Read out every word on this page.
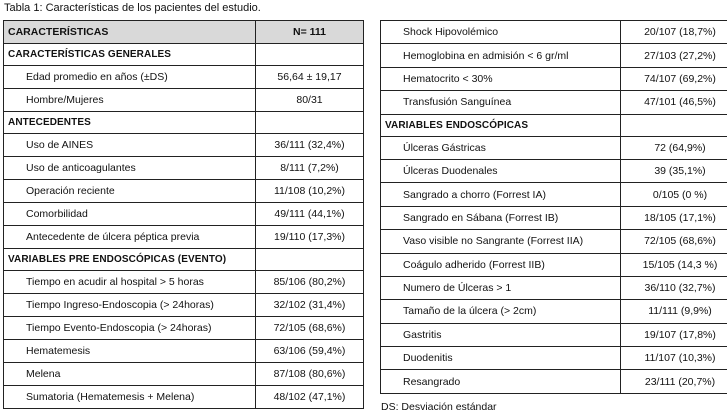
Tabla 1: Características de los pacientes del estudio.
CARACTERÍSTICAS	N= 111
CARACTERÍSTICAS GENERALES	
Edad promedio en años (±DS)	56,64 ± 19,17
Hombre/Mujeres	80/31
ANTECEDENTES	
Uso de AINES	36/111 (32,4%)
Uso de anticoagulantes	8/111 (7,2%)
Operación reciente	11/108 (10,2%)
Comorbilidad	49/111 (44,1%)
Antecedente de úlcera péptica previa	19/110 (17,3%)
VARIABLES PRE ENDOSCÓPICAS (EVENTO)	
Tiempo en acudir al hospital > 5 horas	85/106 (80,2%)
Tiempo Ingreso-Endoscopia (> 24horas)	32/102 (31,4%)
Tiempo Evento-Endoscopia (> 24horas)	72/105 (68,6%)
Hematemesis	63/106 (59,4%)
Melena	87/108 (80,6%)
Sumatoria (Hematemesis + Melena)	48/102 (47,1%)
Shock Hipovolémico	20/107 (18,7%)
Hemoglobina en admisión < 6 gr/ml	27/103 (27,2%)
Hematocrito < 30%	74/107 (69,2%)
Transfusión Sanguínea	47/101 (46,5%)
VARIABLES ENDOSCÓPICAS	
Úlceras Gástricas	72 (64,9%)
Úlceras Duodenales	39 (35,1%)
Sangrado a chorro (Forrest IA)	0/105 (0 %)
Sangrado en Sábana (Forrest IB)	18/105 (17,1%)
Vaso visible no Sangrante (Forrest IIA)	72/105 (68,6%)
Coágulo adherido (Forrest IIB)	15/105 (14,3 %)
Numero de Úlceras > 1	36/110 (32,7%)
Tamaño de la úlcera (> 2cm)	11/111 (9,9%)
Gastritis	19/107 (17,8%)
Duodenitis	11/107 (10,3%)
Resangrado	23/111 (20,7%)
DS: Desviación estándar
